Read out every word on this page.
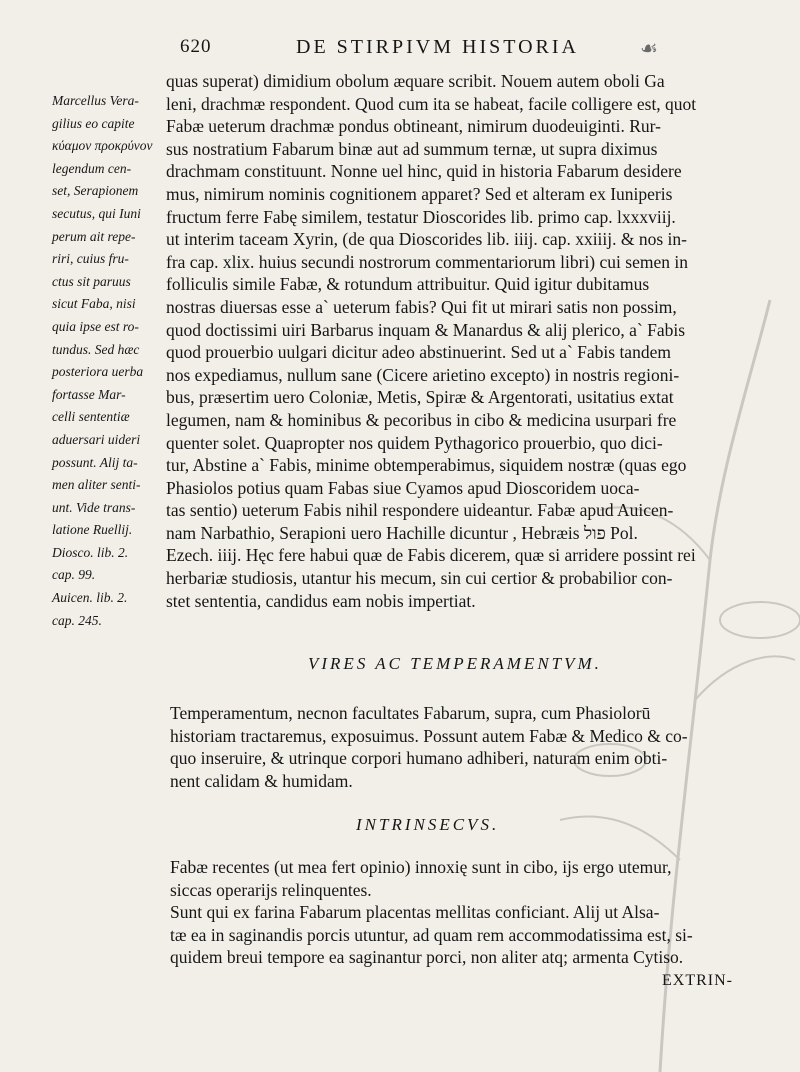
620	DE STIRPIVM HISTORIA	☙
Marcellus Vera-
gilius eo capite
κύαμον προκρύνον
legendum cen-
set, Serapionem
secutus, qui Iuni
perum ait repe-
riri, cuius fru-
ctus sit paruus
sicut Faba, nisi
quia ipse est ro-
tundus. Sed hæc
posteriora uerba
fortasse Mar-
celli sententiæ
aduersari uideri
possunt. Alij ta-
men aliter senti-
unt. Vide trans-
latione Ruellij.
Diosco. lib. 2.
cap. 99.
Auicen. lib. 2.
cap. 245.
quas superat) dimidium obolum æquare scribit. Nouem autem oboli Ga
leni, drachmæ respondent. Quod cum ita se habeat, facile colligere est, quot
Fabæ ueterum drachmæ pondus obtineant, nimirum duodeuiginti. Rur-
sus nostratium Fabarum binæ aut ad summum ternæ, ut supra diximus
drachmam constituunt. Nonne uel hinc, quid in historia Fabarum desidere
mus, nimirum nominis cognitionem apparet? Sed et alteram ex Iuniperis
fructum ferre Fabę similem, testatur Dioscorides lib. primo cap. lxxxviij.
ut interim taceam Xyrin, (de qua Dioscorides lib. iiij. cap. xxiiij. & nos in-
fra cap. xlix. huius secundi nostrorum commentariorum libri) cui semen in
folliculis simile Fabæ, & rotundum attribuitur. Quid igitur dubitamus
nostras diuersas esse a` ueterum fabis? Qui fit ut mirari satis non possim,
quod doctissimi uiri Barbarus inquam & Manardus & alij plerico, a` Fabis
quod prouerbio uulgari dicitur adeo abstinuerint. Sed ut a` Fabis tandem
nos expediamus, nullum sane (Cicere arietino excepto) in nostris regioni-
bus, præsertim uero Coloniæ, Metis, Spiræ & Argentorati, usitatius extat
legumen, nam & hominibus & pecoribus in cibo & medicina usurpari fre
quenter solet. Quapropter nos quidem Pythagorico prouerbio, quo dici-
tur, Abstine a` Fabis, minime obtemperabimus, siquidem nostræ (quas ego
Phasiolos potius quam Fabas siue Cyamos apud Dioscoridem uoca-
tas sentio) ueterum Fabis nihil respondere uideantur. Fabæ apud Auicen-
nam Narbathio, Serapioni uero Hachille dicuntur , Hebræis פול Pol.
Ezech. iiij. Hęc fere habui quæ de Fabis dicerem, quæ si arridere possint rei
herbariæ studiosis, utantur his mecum, sin cui certior & probabilior con-
stet sententia, candidus eam nobis impertiat.
VIRES AC TEMPERAMENTVM.
Temperamentum, necnon facultates Fabarum, supra, cum Phasiolorū
historiam tractaremus, exposuimus. Possunt autem Fabæ & Medico & co-
quo inseruire, & utrinque corpori humano adhiberi, naturam enim obti-
nent calidam & humidam.
INTRINSECVS.
Fabæ recentes (ut mea fert opinio) innoxię sunt in cibo, ijs ergo utemur,
siccas operarijs relinquentes.
Sunt qui ex farina Fabarum placentas mellitas conficiant. Alij ut Alsa-
tæ ea in saginandis porcis utuntur, ad quam rem accommodatissima est, si-
quidem breui tempore ea saginantur porci, non aliter atq; armenta Cytiso.
EXTRIN-
